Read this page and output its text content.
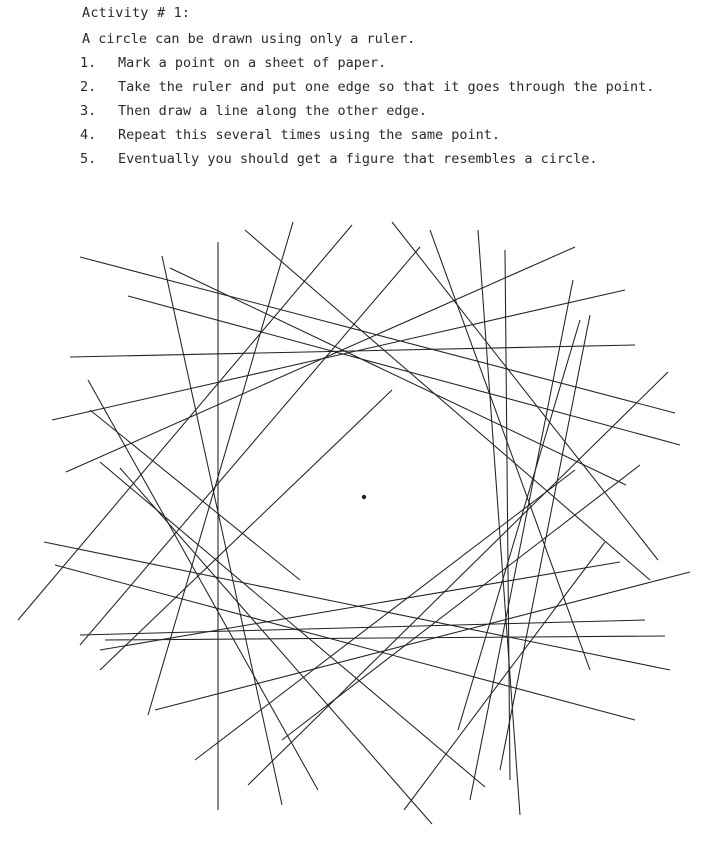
Activity # 1:
A circle can be drawn using only a ruler.
1.	Mark a point on a sheet of paper.
2.	Take the ruler and put one edge so that it goes through the point.
3.	Then draw a line along the other edge.
4.	Repeat this several times using the same point.
5.	Eventually you should get a figure that resembles a circle.
